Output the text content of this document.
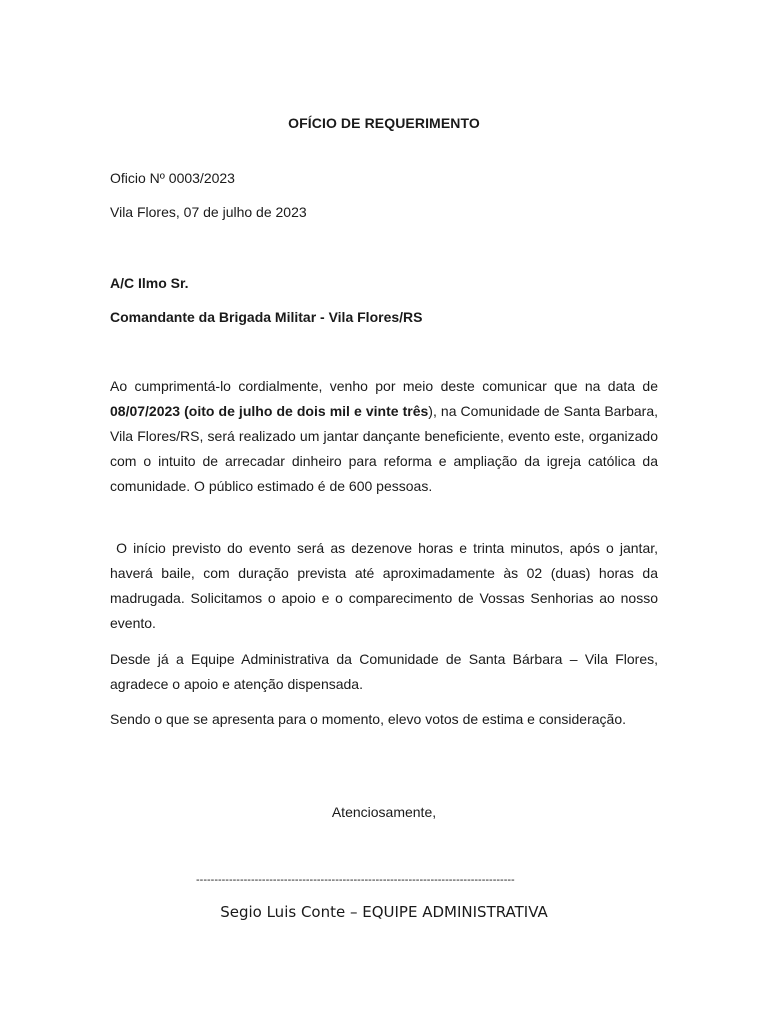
OFÍCIO DE REQUERIMENTO
Oficio Nº 0003/2023
Vila Flores, 07 de julho de 2023
A/C Ilmo Sr.
Comandante da Brigada Militar - Vila Flores/RS

Ao cumprimentá-lo cordialmente, venho por meio deste comunicar que na data de 08/07/2023 (oito de julho de dois mil e vinte três), na Comunidade de Santa Barbara, Vila Flores/RS, será realizado um jantar dançante beneficiente, evento este, organizado com o intuito de arrecadar dinheiro para reforma e ampliação da igreja católica da comunidade. O público estimado é de 600 pessoas.

O início previsto do evento será as dezenove horas e trinta minutos, após o jantar, haverá baile, com duração prevista até aproximadamente às 02 (duas) horas da madrugada. Solicitamos o apoio e o comparecimento de Vossas Senhorias ao nosso evento.

Desde já a Equipe Administrativa da Comunidade de Santa Bárbara – Vila Flores, agradece o apoio e atenção dispensada.

Sendo o que se apresenta para o momento, elevo votos de estima e consideração.

Atenciosamente,
---------------------------------------------------------------------------------------
Segio Luis Conte – EQUIPE ADMINISTRATIVA
